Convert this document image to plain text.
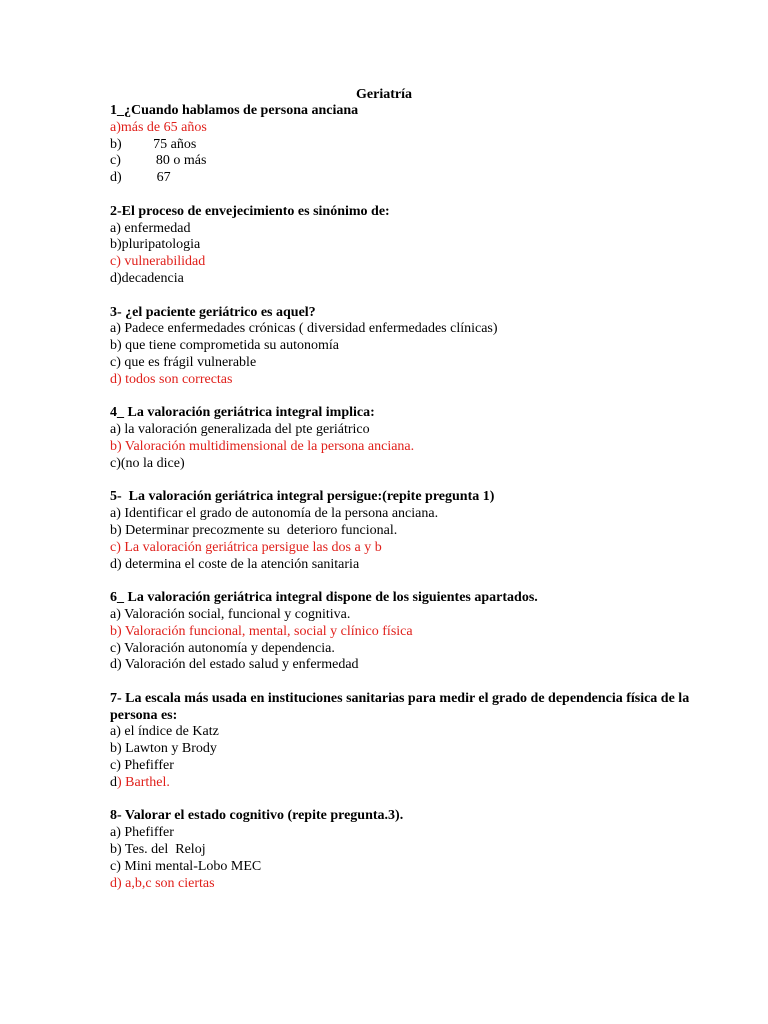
Geriatría
1_¿Cuando hablamos de persona anciana
a)más de 65 años
b)         75 años
c)          80 o más
d)          67
2-El proceso de envejecimiento es sinónimo de:
a) enfermedad
b)pluripatologia
c) vulnerabilidad
d)decadencia
3- ¿el paciente geriátrico es aquel?
a) Padece enfermedades crónicas ( diversidad enfermedades clínicas)
b) que tiene comprometida su autonomía
c) que es frágil vulnerable
d) todos son correctas
4_ La valoración geriátrica integral implica:
a) la valoración generalizada del pte geriátrico
b) Valoración multidimensional de la persona anciana.
c)(no la dice)
5-  La valoración geriátrica integral persigue:(repite pregunta 1)
a) Identificar el grado de autonomía de la persona anciana.
b) Determinar precozmente su  deterioro funcional.
c) La valoración geriátrica persigue las dos a y b
d) determina el coste de la atención sanitaria
6_ La valoración geriátrica integral dispone de los siguientes apartados.
a) Valoración social, funcional y cognitiva.
b) Valoración funcional, mental, social y clínico física
c) Valoración autonomía y dependencia.
d) Valoración del estado salud y enfermedad
7- La escala más usada en instituciones sanitarias para medir el grado de dependencia física de la persona es:
a) el índice de Katz
b) Lawton y Brody
c) Phefiffer
d) Barthel.
8- Valorar el estado cognitivo (repite pregunta.3).
a) Phefiffer
b) Tes. del  Reloj
c) Mini mental-Lobo MEC
d) a,b,c son ciertas
